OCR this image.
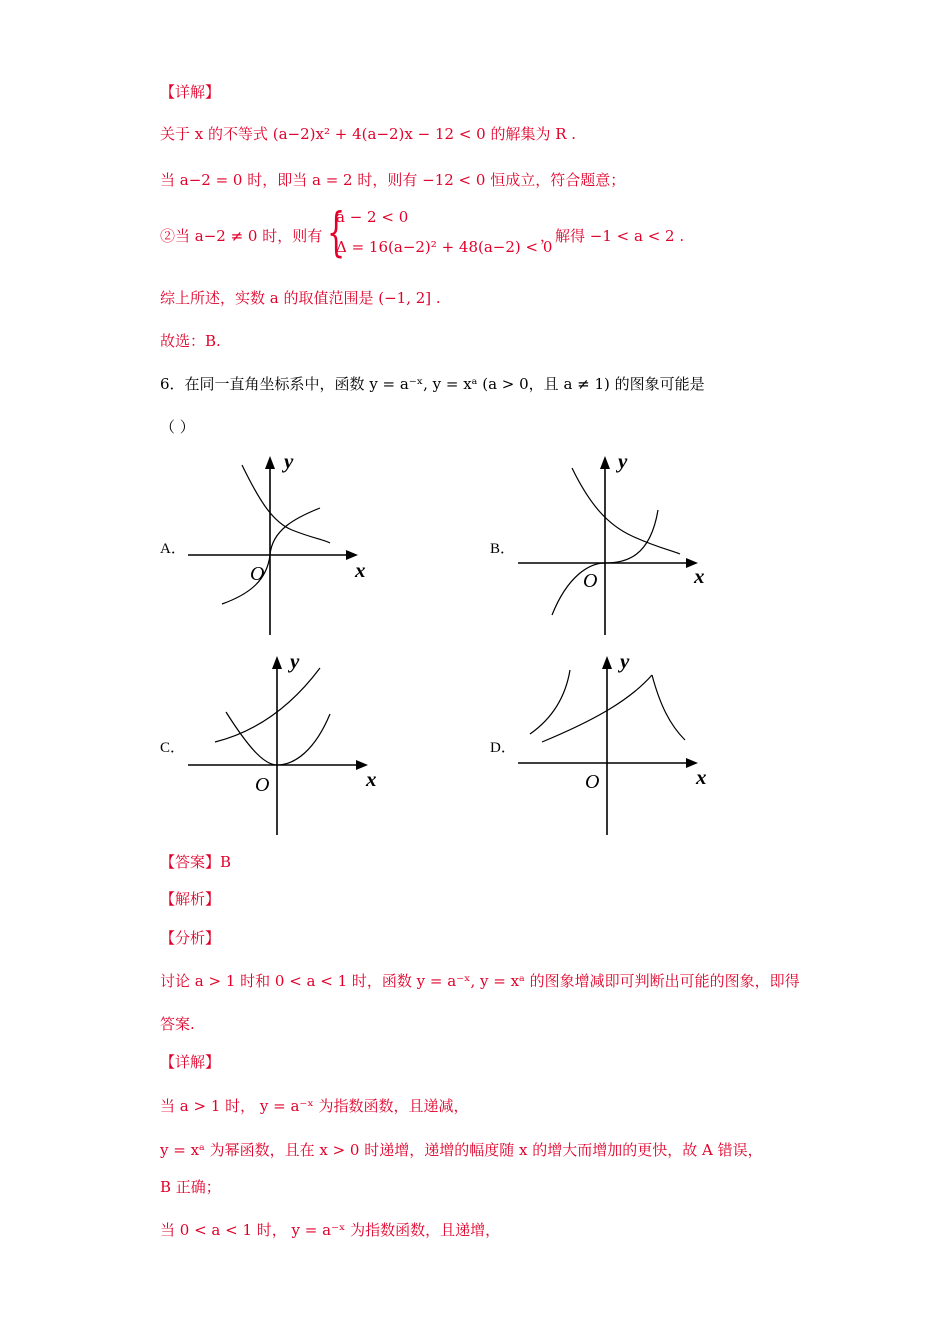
【详解】
关于 x 的不等式 (a−2)x² + 4(a−2)x − 12 < 0 的解集为 R .
当 a−2 = 0 时，即当 a = 2 时，则有 −12 < 0 恒成立，符合题意；
②当 a−2 ≠ 0 时，则有 {
a − 2 < 0
Δ = 16(a−2)² + 48(a−2) < 0
，解得 −1 < a < 2 .
综上所述，实数 a 的取值范围是 (−1, 2] .
故选：B.
6．在同一直角坐标系中，函数 y = a⁻ˣ, y = xᵃ (a > 0，且 a ≠ 1) 的图象可能是
（ ）
A．	B．
C．	D．
y
x
O
y
x
O
y
x
O
y
x
O
【答案】B
【解析】
【分析】
讨论 a > 1 时和 0 < a < 1 时，函数 y = a⁻ˣ, y = xᵃ 的图象增减即可判断出可能的图象，即得
答案.
【详解】
当 a > 1 时， y = a⁻ˣ 为指数函数，且递减，
y = xᵃ 为幂函数，且在 x > 0 时递增，递增的幅度随 x 的增大而增加的更快，故 A 错误，
B 正确；
当 0 < a < 1 时， y = a⁻ˣ 为指数函数，且递增，
